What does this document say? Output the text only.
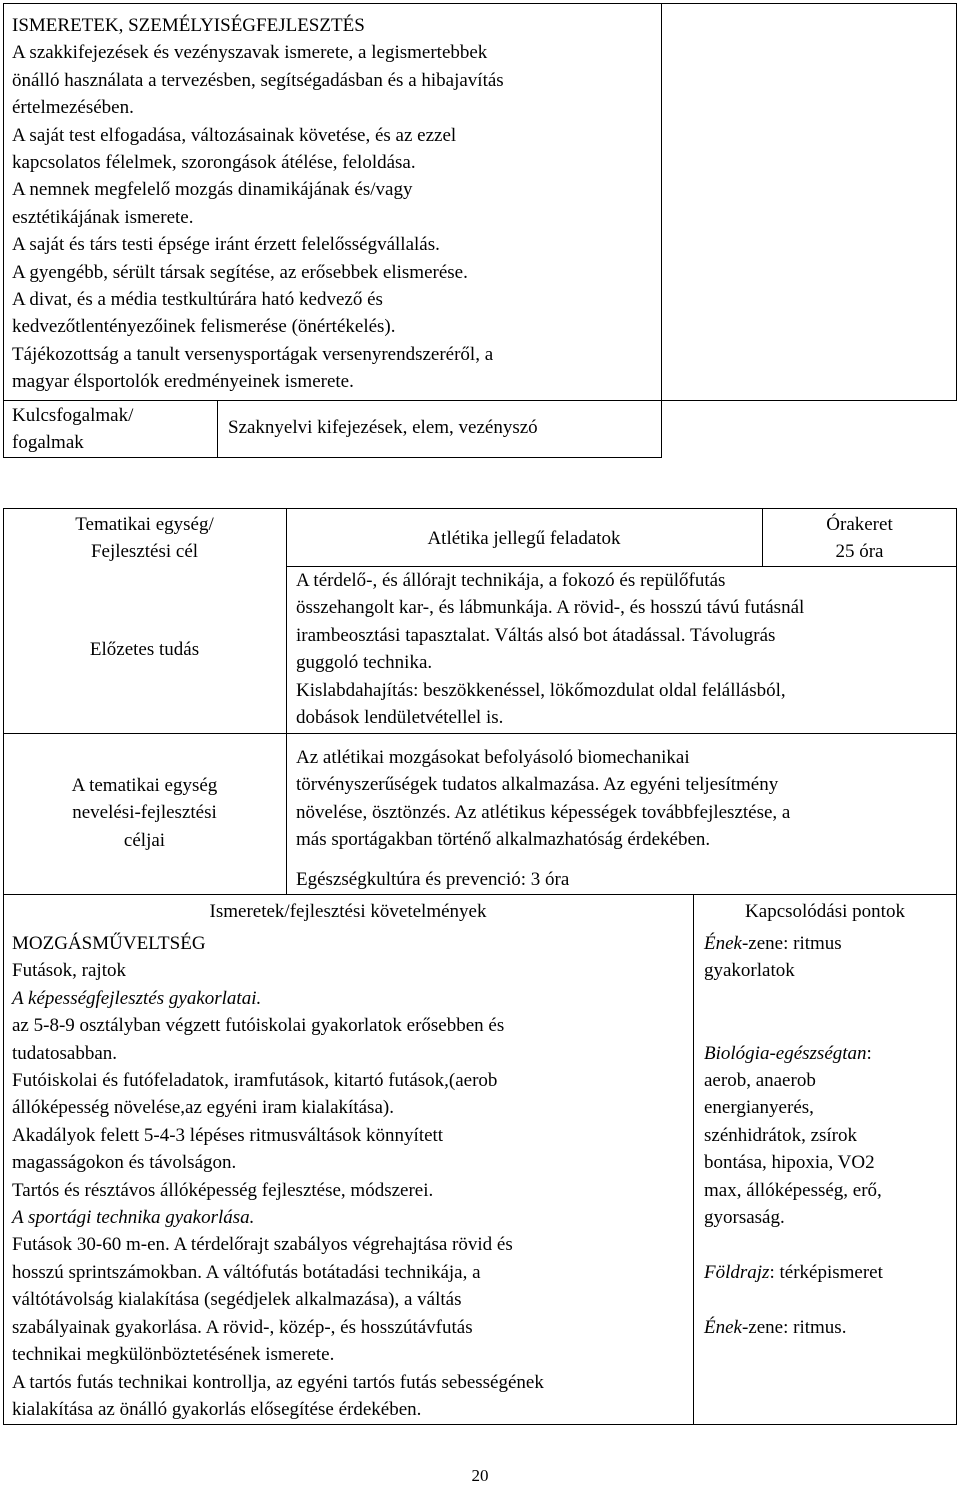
ISMERETEK, SZEMÉLYISÉGFEJLESZTÉS
A szakkifejezések és vezényszavak ismerete, a legismertebbek
önálló használata a tervezésben, segítségadásban és a hibajavítás
értelmezésében.
A saját test elfogadása, változásainak követése, és az ezzel
kapcsolatos félelmek, szorongások átélése, feloldása.
A nemnek megfelelő mozgás dinamikájának és/vagy
esztétikájának ismerete.
A saját és társ testi épsége iránt érzett felelősségvállalás.
A gyengébb, sérült társak segítése, az erősebbek elismerése.
A divat, és a média testkultúrára ható kedvező és
kedvezőtlentényezőinek felismerése (önértékelés).
Tájékozottság a tanult versenysportágak versenyrendszeréről, a
magyar élsportolók eredményeinek ismerete.
Kulcsfogalmak/
fogalmak
Szaknyelvi kifejezések, elem, vezényszó
Tematikai egység/
Fejlesztési cél
Atlétika jellegű feladatok
Órakeret
25 óra
Előzetes tudás
A térdelő-, és állórajt technikája, a fokozó és repülőfutás
összehangolt kar-, és lábmunkája. A rövid-, és hosszú távú futásnál
irambeosztási tapasztalat. Váltás alsó bot átadással. Távolugrás
guggoló technika.
Kislabdahajítás: beszökkenéssel, lökőmozdulat oldal felállásból,
dobások lendületvétellel is.
A tematikai egység
nevelési-fejlesztési
céljai
Az atlétikai mozgásokat befolyásoló biomechanikai
törvényszerűségek tudatos alkalmazása. Az egyéni teljesítmény
növelése, ösztönzés. Az atlétikus képességek továbbfejlesztése, a
más sportágakban történő alkalmazhatóság érdekében.
Egészségkultúra és prevenció: 3 óra
Ismeretek/fejlesztési követelmények	Kapcsolódási pontok
MOZGÁSMŰVELTSÉG
Futások, rajtok
A képességfejlesztés gyakorlatai.
az 5-8-9 osztályban végzett futóiskolai gyakorlatok erősebben és
tudatosabban.
Futóiskolai és futófeladatok, iramfutások, kitartó futások,(aerob
állóképesség növelése,az egyéni iram kialakítása).
Akadályok felett 5-4-3 lépéses ritmusváltások könnyített
magasságokon és távolságon.
Tartós és résztávos állóképesség fejlesztése, módszerei.
A sportági technika gyakorlása.
Futások 30-60 m-en. A térdelőrajt szabályos végrehajtása rövid és
hosszú sprintszámokban. A váltófutás botátadási technikája, a
váltótávolság kialakítása (segédjelek alkalmazása), a váltás
szabályainak gyakorlása. A rövid-, közép-, és hosszútávfutás
technikai megkülönböztetésének ismerete.
A tartós futás technikai kontrollja, az egyéni tartós futás sebességének
kialakítása az önálló gyakorlás elősegítése érdekében.
Ének-zene: ritmus
gyakorlatok
Biológia-egészségtan:
aerob, anaerob
energianyerés,
szénhidrátok, zsírok
bontása, hipoxia, VO2
max, állóképesség, erő,
gyorsaság.
Földrajz: térképismeret
Ének-zene: ritmus.
20
